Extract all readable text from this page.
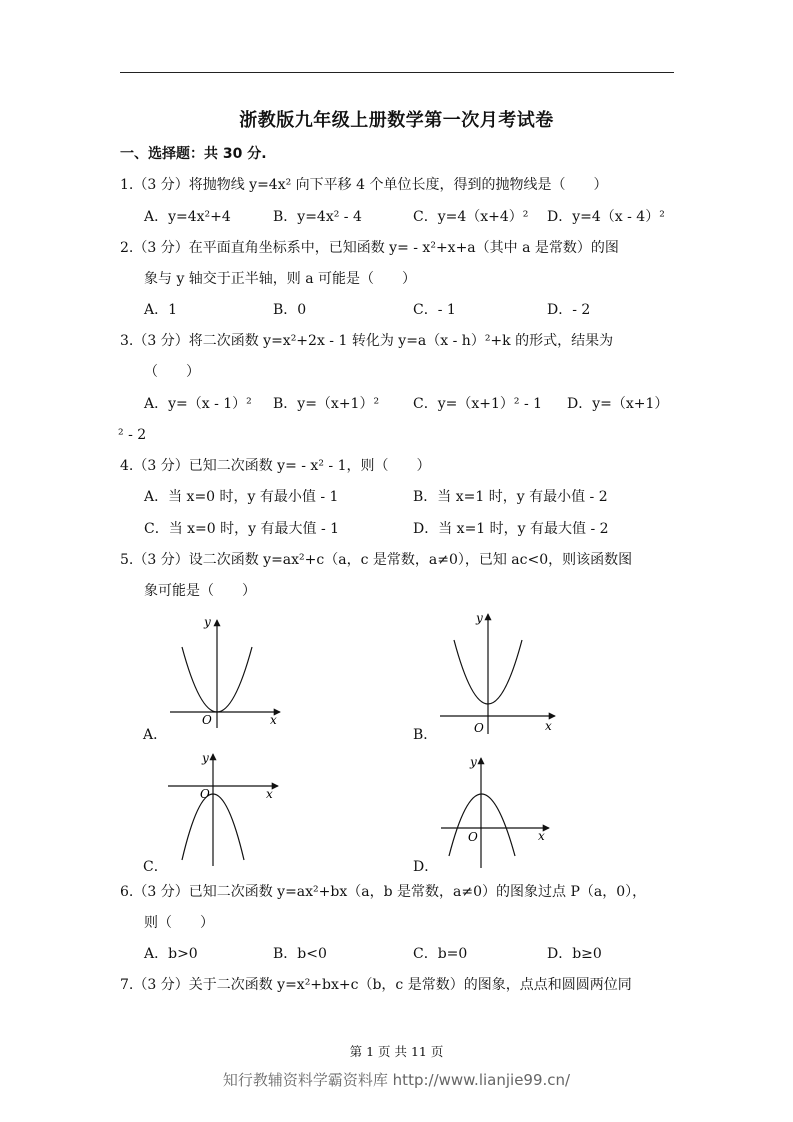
浙教版九年级上册数学第一次月考试卷
一、选择题：共 30 分.
1.（3 分）将抛物线 y=4x² 向下平移 4 个单位长度，得到的抛物线是（　　）
A．y=4x²+4	B．y=4x² - 4	C．y=4（x+4）² D．y=4（x - 4）²
2.（3 分）在平面直角坐标系中，已知函数 y= - x²+x+a（其中 a 是常数）的图
象与 y 轴交于正半轴，则 a 可能是（　　）
A．1	B．0	C．- 1	D．- 2
3.（3 分）将二次函数 y=x²+2x - 1 转化为 y=a（x - h）²+k 的形式，结果为
（　　）
A．y=（x - 1）² B．y=（x+1）² C．y=（x+1）² - 1 D．y=（x+1）
² - 2
4.（3 分）已知二次函数 y= - x² - 1，则（　　）
A．当 x=0 时，y 有最小值 - 1	B．当 x=1 时，y 有最小值 - 2
C．当 x=0 时，y 有最大值 - 1	D．当 x=1 时，y 有最大值 - 2
5.（3 分）设二次函数 y=ax²+c（a，c 是常数，a≠0），已知 ac<0，则该函数图
象可能是（　　）
O	x
y
A．	O	x
y
B．
O	x
y
C．
O	x
y
D．
6.（3 分）已知二次函数 y=ax²+bx（a，b 是常数，a≠0）的图象过点 P（a，0），
则（　　）
A．b>0	B．b<0	C．b=0	D．b≥0
7.（3 分）关于二次函数 y=x²+bx+c（b，c 是常数）的图象，点点和圆圆两位同
第 1 页 共 11 页
知行教辅资料学霸资料库 http://www.lianjie99.cn/
